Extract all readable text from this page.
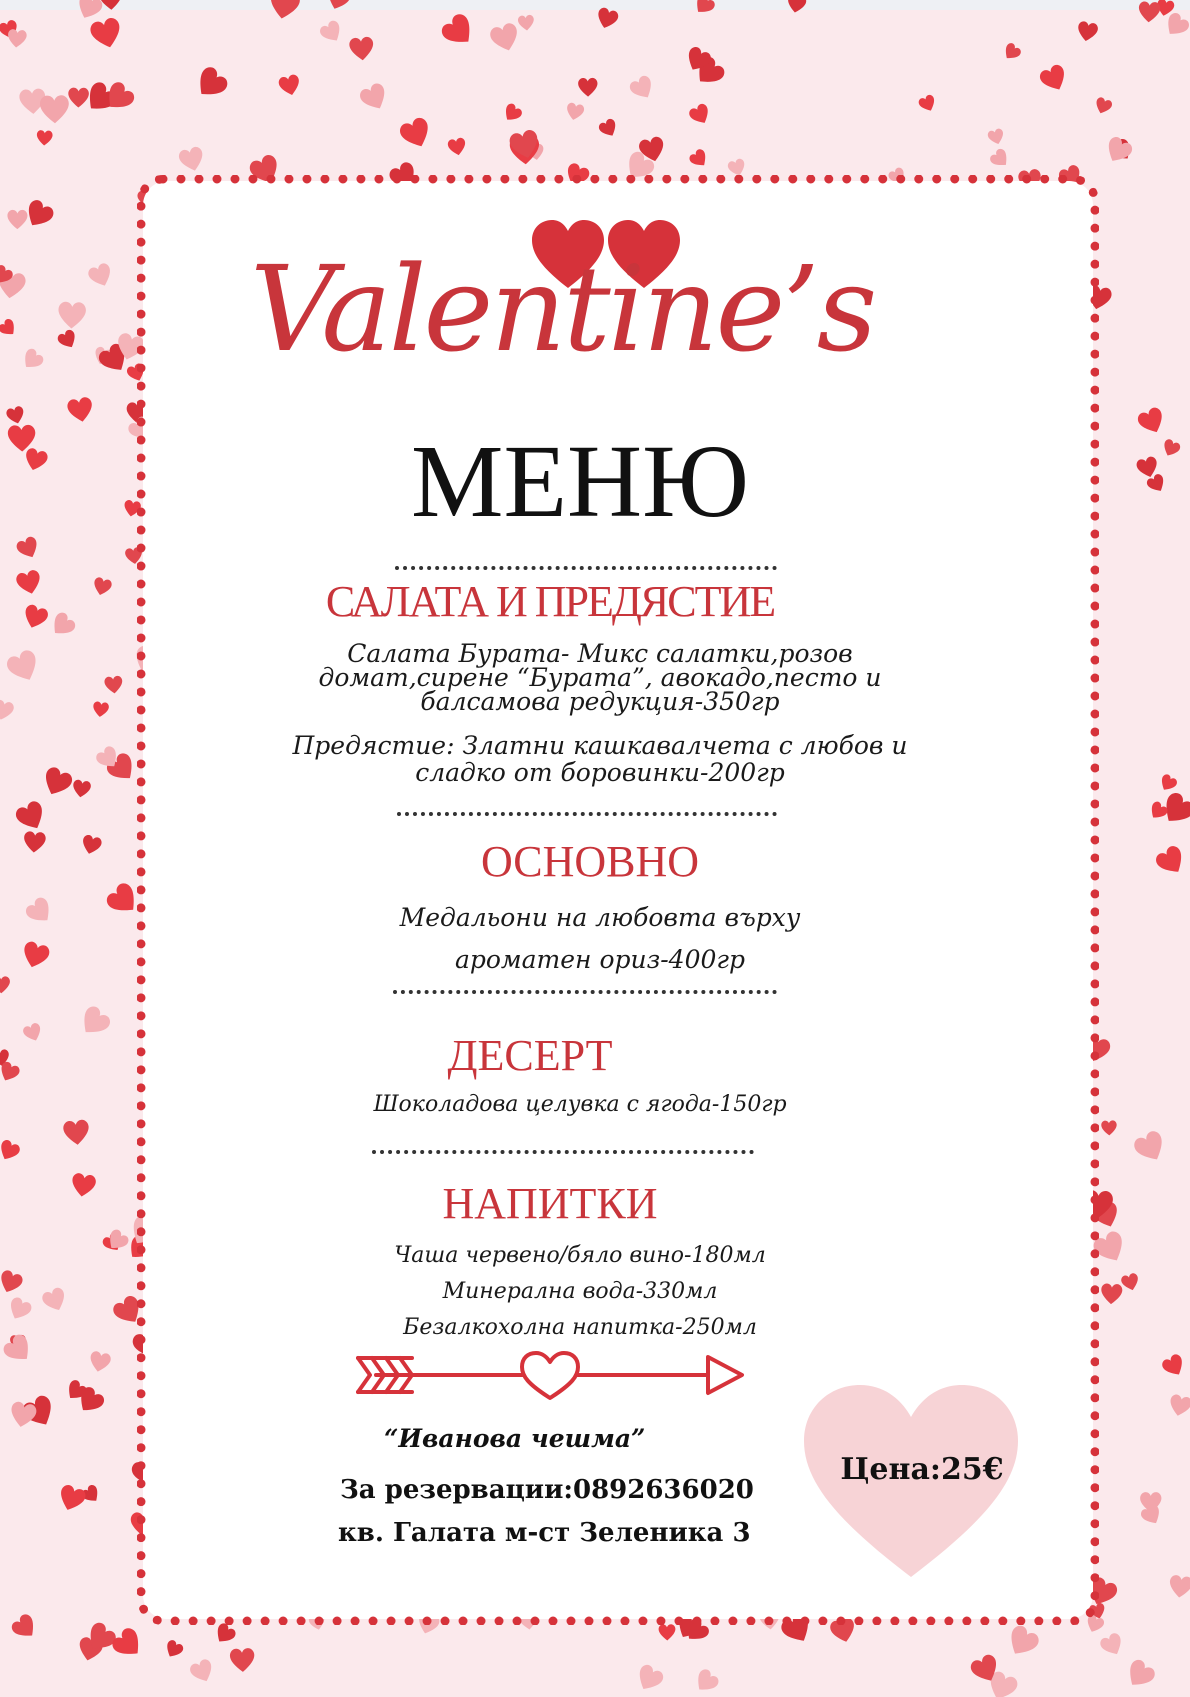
Valentine’s
МЕНЮ
САЛАТА И ПРЕДЯСТИЕ
Салата Бурата- Микс салатки,розов
домат,сирене “Бурата”, авокадо,песто и
балсамова редукция-350гр
Предястие: Златни кашкавалчета с любов и
сладко от боровинки-200гр
ОСНОВНО
Медальони на любовта върху
ароматен ориз-400гр
ДЕСЕРТ
Шоколадова целувка с ягода-150гр
НАПИТКИ
Чаша червено/бяло вино-180мл
Минерална вода-330мл
Безалкохолна напитка-250мл
“Иванова чешма”
За резервации:0892636020
кв. Галата м-ст Зеленика 3
Цена:25€
